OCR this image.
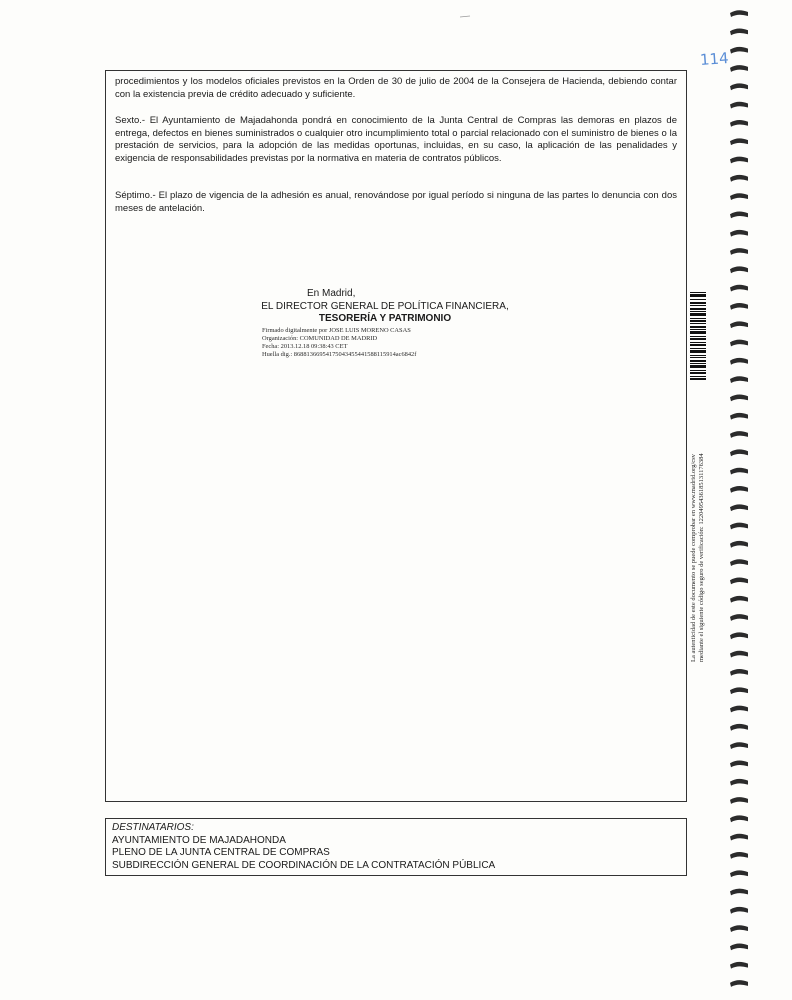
114

procedimientos y los modelos oficiales previstos en la Orden de 30 de julio de 2004 de la Consejera de Hacienda, debiendo contar con la existencia previa de crédito adecuado y suficiente.

Sexto.- El Ayuntamiento de Majadahonda pondrá en conocimiento de la Junta Central de Compras las demoras en plazos de entrega, defectos en bienes suministrados o cualquier otro incumplimiento total o parcial relacionado con el suministro de bienes o la prestación de servicios, para la adopción de las medidas oportunas, incluidas, en su caso, la aplicación de las penalidades y exigencia de responsabilidades previstas por la normativa en materia de contratos públicos.

Séptimo.- El plazo de vigencia de la adhesión es anual, renovándose por igual período si ninguna de las partes lo denuncia con dos meses de antelación.

En Madrid,

EL DIRECTOR GENERAL DE POLÍTICA FINANCIERA,

TESORERÍA Y PATRIMONIO

Firmado digitalmente por JOSE LUIS MORENO CASAS
Organización: COMUNIDAD DE MADRID
Fecha: 2013.12.18 09:38:43 CET
Huella dig.: 86881366954175043455441588115914ac6842f

DESTINATARIOS:

AYUNTAMIENTO DE MAJADAHONDA

PLENO DE LA JUNTA CENTRAL DE COMPRAS

SUBDIRECCIÓN GENERAL DE COORDINACIÓN DE LA CONTRATACIÓN PÚBLICA

La autenticidad de este documento se puede comprobar en www.madrid.org/csv mediante el siguiente código seguro de verificación: 1220495436185131176384
